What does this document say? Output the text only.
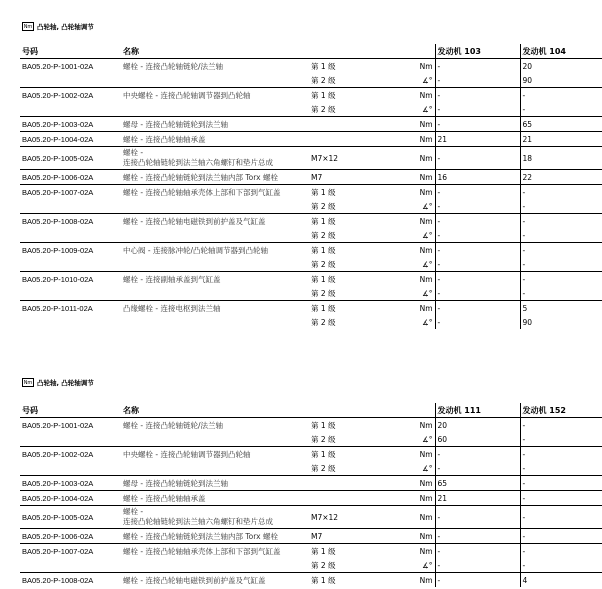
Nm 凸轮轴, 凸轮轴调节
号码	名称			发动机 103	发动机 104
BA05.20-P-1001-02A	螺栓 - 连接凸轮轴链轮/法兰轴	第 1 级	Nm	-	20
		第 2 级	∡°	-	90
BA05.20-P-1002-02A	中央螺栓 - 连接凸轮轴调节器到凸轮轴	第 1 级	Nm	-	-
		第 2 级	∡°	-	-
BA05.20-P-1003-02A	螺母 - 连接凸轮轴链轮到法兰轴		Nm	-	65
BA05.20-P-1004-02A	螺栓 - 连接凸轮轴轴承盖		Nm	21	21
BA05.20-P-1005-02A	螺栓 -
连接凸轮轴链轮到法兰轴六角螺钉和垫片总成	M7×12	Nm	-	18
BA05.20-P-1006-02A	螺栓 - 连接凸轮轴链轮到法兰轴内部 Torx 螺栓	M7	Nm	16	22
BA05.20-P-1007-02A	螺栓 - 连接凸轮轴轴承壳体上部和下部到气缸盖	第 1 级	Nm	-	-
		第 2 级	∡°	-	-
BA05.20-P-1008-02A	螺栓 - 连接凸轮轴电磁铁到前护盖及气缸盖	第 1 级	Nm	-	-
		第 2 级	∡°	-	-
BA05.20-P-1009-02A	中心阀 - 连接脉冲轮/凸轮轴调节器到凸轮轴	第 1 级	Nm	-	-
		第 2 级	∡°	-	-
BA05.20-P-1010-02A	螺栓 - 连接副轴承盖到气缸盖	第 1 级	Nm	-	-
		第 2 级	∡°	-	-
BA05.20-P-1011-02A	凸缘螺栓 - 连接电枢到法兰轴	第 1 级	Nm	-	5
		第 2 级	∡°	-	90
Nm 凸轮轴, 凸轮轴调节
号码	名称			发动机 111	发动机 152
BA05.20-P-1001-02A	螺栓 - 连接凸轮轴链轮/法兰轴	第 1 级	Nm	20	-
		第 2 级	∡°	60	-
BA05.20-P-1002-02A	中央螺栓 - 连接凸轮轴调节器到凸轮轴	第 1 级	Nm	-	-
		第 2 级	∡°	-	-
BA05.20-P-1003-02A	螺母 - 连接凸轮轴链轮到法兰轴		Nm	65	-
BA05.20-P-1004-02A	螺栓 - 连接凸轮轴轴承盖		Nm	21	-
BA05.20-P-1005-02A	螺栓 -
连接凸轮轴链轮到法兰轴六角螺钉和垫片总成	M7×12	Nm	-	-
BA05.20-P-1006-02A	螺栓 - 连接凸轮轴链轮到法兰轴内部 Torx 螺栓	M7	Nm	-	-
BA05.20-P-1007-02A	螺栓 - 连接凸轮轴轴承壳体上部和下部到气缸盖	第 1 级	Nm	-	-
		第 2 级	∡°	-	-
BA05.20-P-1008-02A	螺栓 - 连接凸轮轴电磁铁到前护盖及气缸盖	第 1 级	Nm	-	4
